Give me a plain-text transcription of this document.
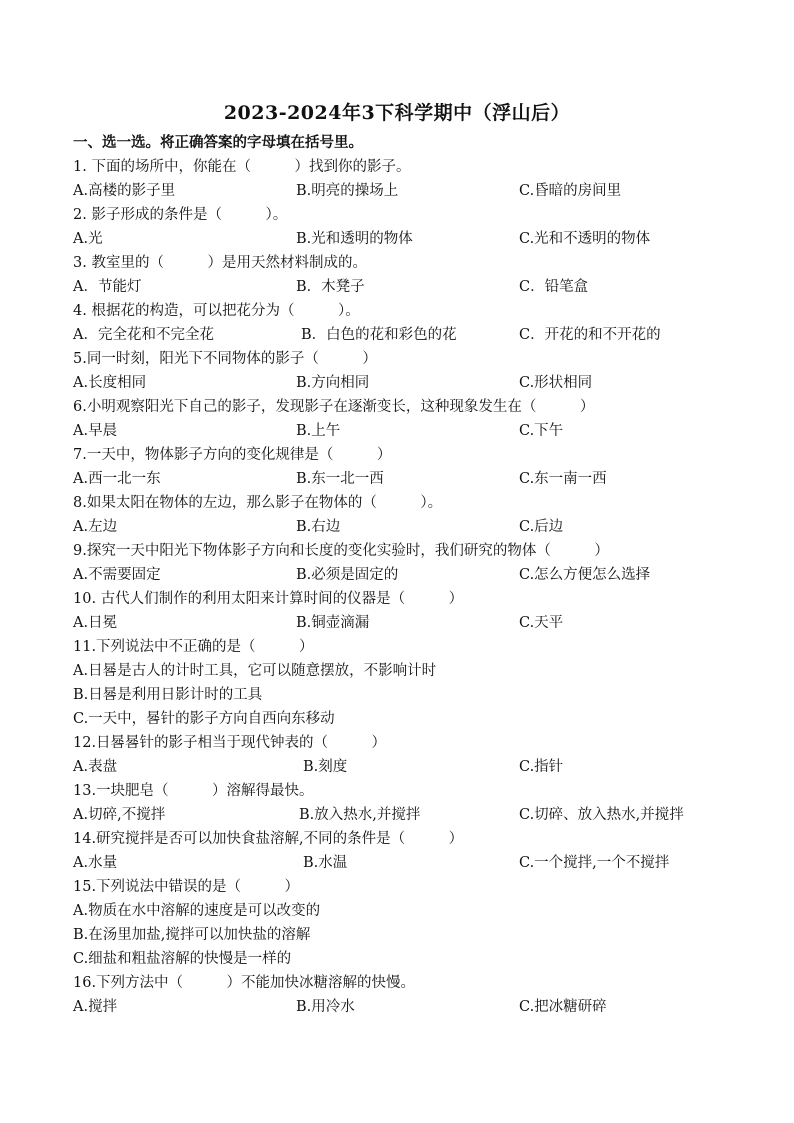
2023-2024年3下科学期中（浮山后）
一、选一选。将正确答案的字母填在括号里。
1. 下面的场所中，你能在（　　　）找到你的影子。
A.高楼的影子里	B.明亮的操场上	C.昏暗的房间里
2. 影子形成的条件是（　　　）。
A.光	B.光和透明的物体	C.光和不透明的物体
3. 教室里的（　　　）是用天然材料制成的。
A．节能灯	B．木凳子	C．铅笔盒
4. 根据花的构造，可以把花分为（　　　）。
A．完全花和不完全花	B．白色的花和彩色的花	C．开花的和不开花的
5.同一时刻，阳光下不同物体的影子（　　　）
A.长度相同	B.方向相同	C.形状相同
6.小明观察阳光下自己的影子，发现影子在逐渐变长，这种现象发生在（　　　）
A.早晨	B.上午	C.下午
7.一天中，物体影子方向的变化规律是（　　　）
A.西一北一东	B.东一北一西	C.东一南一西
8.如果太阳在物体的左边，那么影子在物体的（　　　）。
A.左边	B.右边	C.后边
9.探究一天中阳光下物体影子方向和长度的变化实验时，我们研究的物体（　　　）
A.不需要固定	B.必须是固定的	C.怎么方便怎么选择
10. 古代人们制作的利用太阳来计算时间的仪器是（　　　）
A.日冕	B.铜壶滴漏	C.天平
11.下列说法中不正确的是（　　　）
A.日晷是古人的计时工具，它可以随意摆放，不影响计时
B.日晷是利用日影计时的工具
C.一天中，晷针的影子方向自西向东移动
12.日晷晷针的影子相当于现代钟表的（　　　）
A.表盘	B.刻度	C.指针
13.一块肥皂（　　　）溶解得最快。
A.切碎,不搅拌	B.放入热水,并搅拌	C.切碎、放入热水,并搅拌
14.研究搅拌是否可以加快食盐溶解,不同的条件是（　　　）
A.水量	B.水温	C.一个搅拌,一个不搅拌
15.下列说法中错误的是（　　　）
A.物质在水中溶解的速度是可以改变的
B.在汤里加盐,搅拌可以加快盐的溶解
C.细盐和粗盐溶解的快慢是一样的
16.下列方法中（　　　）不能加快冰糖溶解的快慢。
A.搅拌	B.用冷水	C.把冰糖研碎
